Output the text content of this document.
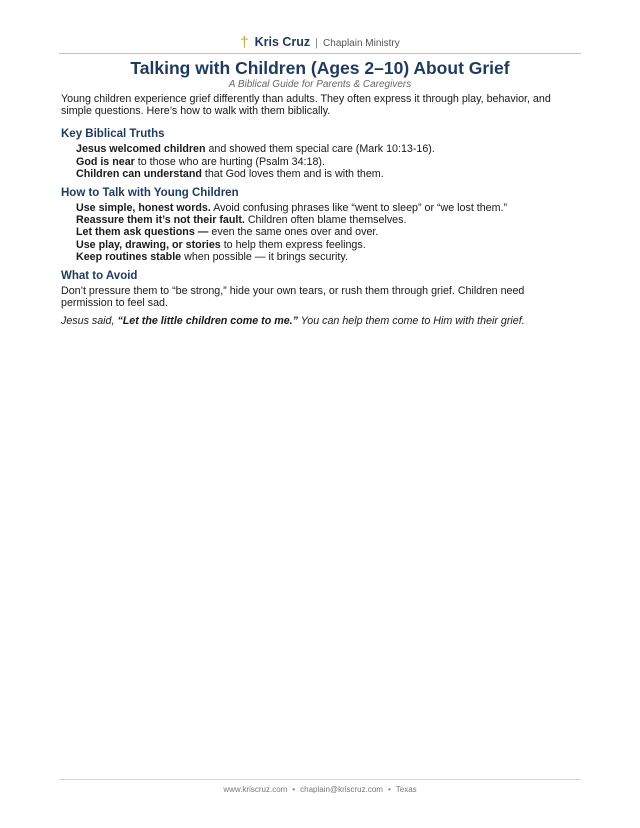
† Kris Cruz | Chaplain Ministry
Talking with Children (Ages 2–10) About Grief
A Biblical Guide for Parents & Caregivers

Young children experience grief differently than adults. They often express it through play, behavior, and simple questions. Here’s how to walk with them biblically.

Key Biblical Truths
Jesus welcomed children and showed them special care (Mark 10:13-16).
God is near to those who are hurting (Psalm 34:18).
Children can understand that God loves them and is with them.
How to Talk with Young Children
Use simple, honest words. Avoid confusing phrases like “went to sleep” or “we lost them.”
Reassure them it’s not their fault. Children often blame themselves.
Let them ask questions — even the same ones over and over.
Use play, drawing, or stories to help them express feelings.
Keep routines stable when possible — it brings security.
What to Avoid

Don’t pressure them to “be strong,” hide your own tears, or rush them through grief. Children need permission to feel sad.

Jesus said, “Let the little children come to me.” You can help them come to Him with their grief.

www.kriscruz.com • chaplain@kriscruz.com • Texas
